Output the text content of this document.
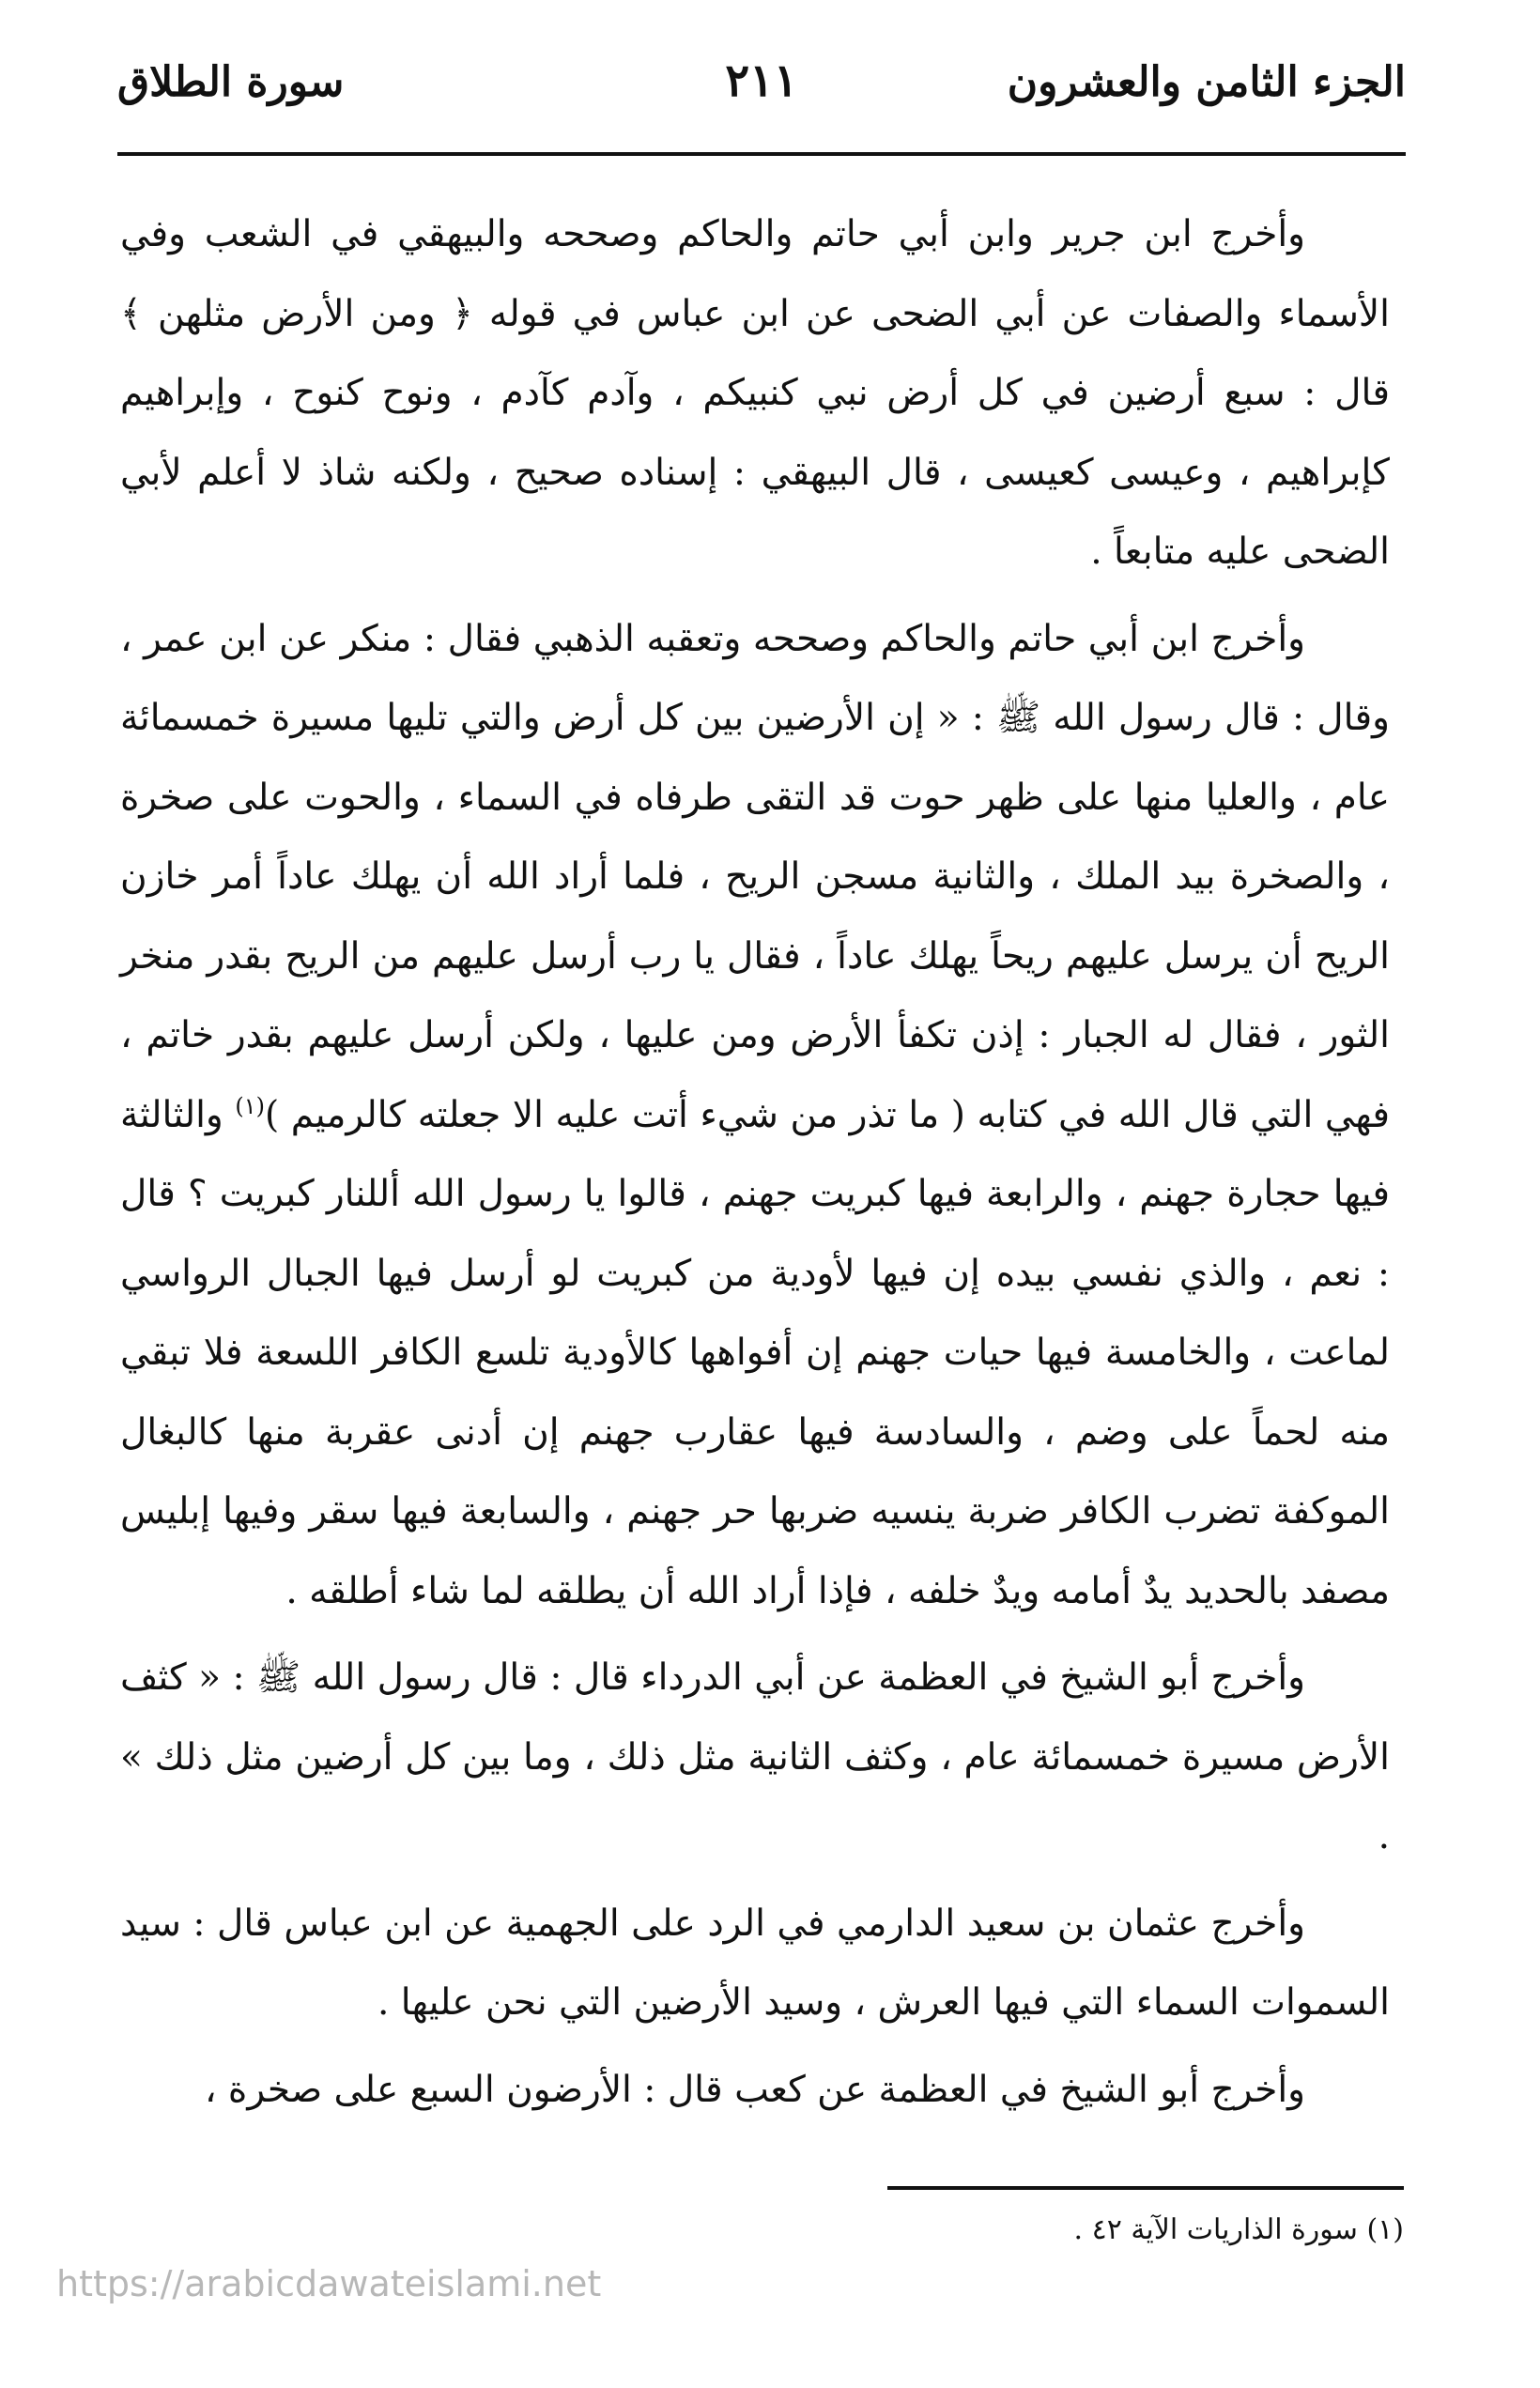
الجزء الثامن والعشرون
٢١١
سورة الطلاق

وأخرج ابن جرير وابن أبي حاتم والحاكم وصححه والبيهقي في الشعب وفي الأسماء والصفات عن أبي الضحى عن ابن عباس في قوله ﴿ ومن الأرض مثلهن ﴾ قال : سبع أرضين في كل أرض نبي كنبيكم ، وآدم كآدم ، ونوح كنوح ، وإبراهيم كإبراهيم ، وعيسى كعيسى ، قال البيهقي : إسناده صحيح ، ولكنه شاذ لا أعلم لأبي الضحى عليه متابعاً .

وأخرج ابن أبي حاتم والحاكم وصححه وتعقبه الذهبي فقال : منكر عن ابن عمر ، وقال : قال رسول الله ﷺ : « إن الأرضين بين كل أرض والتي تليها مسيرة خمسمائة عام ، والعليا منها على ظهر حوت قد التقى طرفاه في السماء ، والحوت على صخرة ، والصخرة بيد الملك ، والثانية مسجن الريح ، فلما أراد الله أن يهلك عاداً أمر خازن الريح أن يرسل عليهم ريحاً يهلك عاداً ، فقال يا رب أرسل عليهم من الريح بقدر منخر الثور ، فقال له الجبار : إذن تكفأ الأرض ومن عليها ، ولكن أرسل عليهم بقدر خاتم ، فهي التي قال الله في كتابه ( ما تذر من شيء أتت عليه الا جعلته كالرميم )$^{(١)}$ والثالثة فيها حجارة جهنم ، والرابعة فيها كبريت جهنم ، قالوا يا رسول الله أللنار كبريت ؟ قال : نعم ، والذي نفسي بيده إن فيها لأودية من كبريت لو أرسل فيها الجبال الرواسي لماعت ، والخامسة فيها حيات جهنم إن أفواهها كالأودية تلسع الكافر اللسعة فلا تبقي منه لحماً على وضم ، والسادسة فيها عقارب جهنم إن أدنى عقربة منها كالبغال الموكفة تضرب الكافر ضربة ينسيه ضربها حر جهنم ، والسابعة فيها سقر وفيها إبليس مصفد بالحديد يدٌ أمامه ويدٌ خلفه ، فإذا أراد الله أن يطلقه لما شاء أطلقه .

وأخرج أبو الشيخ في العظمة عن أبي الدرداء قال : قال رسول الله ﷺ : « كثف الأرض مسيرة خمسمائة عام ، وكثف الثانية مثل ذلك ، وما بين كل أرضين مثل ذلك » .

وأخرج عثمان بن سعيد الدارمي في الرد على الجهمية عن ابن عباس قال : سيد السموات السماء التي فيها العرش ، وسيد الأرضين التي نحن عليها .

وأخرج أبو الشيخ في العظمة عن كعب قال : الأرضون السبع على صخرة ،

(١) سورة الذاريات الآية ٤٢ .
https://arabicdawateislami.net
